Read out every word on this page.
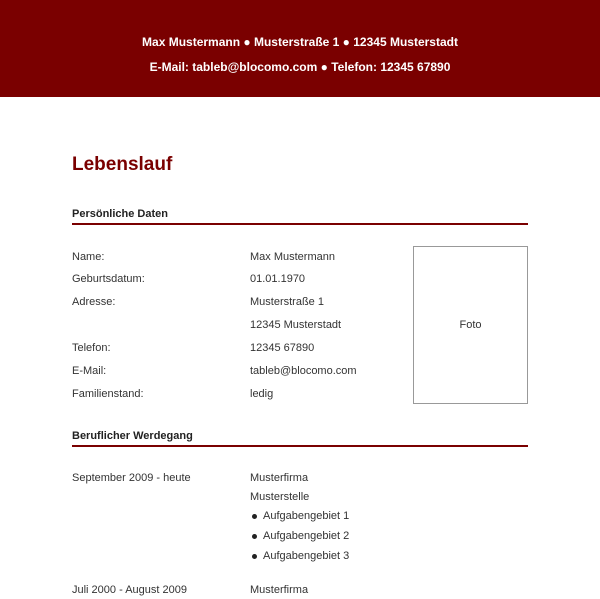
Max Mustermann ● Musterstraße 1 ● 12345 Musterstadt
E-Mail: tableb@blocomo.com ● Telefon: 12345 67890
Lebenslauf
Persönliche Daten
Name:	Max Mustermann
Geburtsdatum:	01.01.1970
Adresse:	Musterstraße 1
12345 Musterstadt
Telefon:	12345 67890
E-Mail:	tableb@blocomo.com
Familienstand:	ledig
Foto
Beruflicher Werdegang
September 2009 - heute	Musterfirma
Musterstelle
Aufgabengebiet 1
Aufgabengebiet 2
Aufgabengebiet 3
Juli 2000 - August 2009	Musterfirma
